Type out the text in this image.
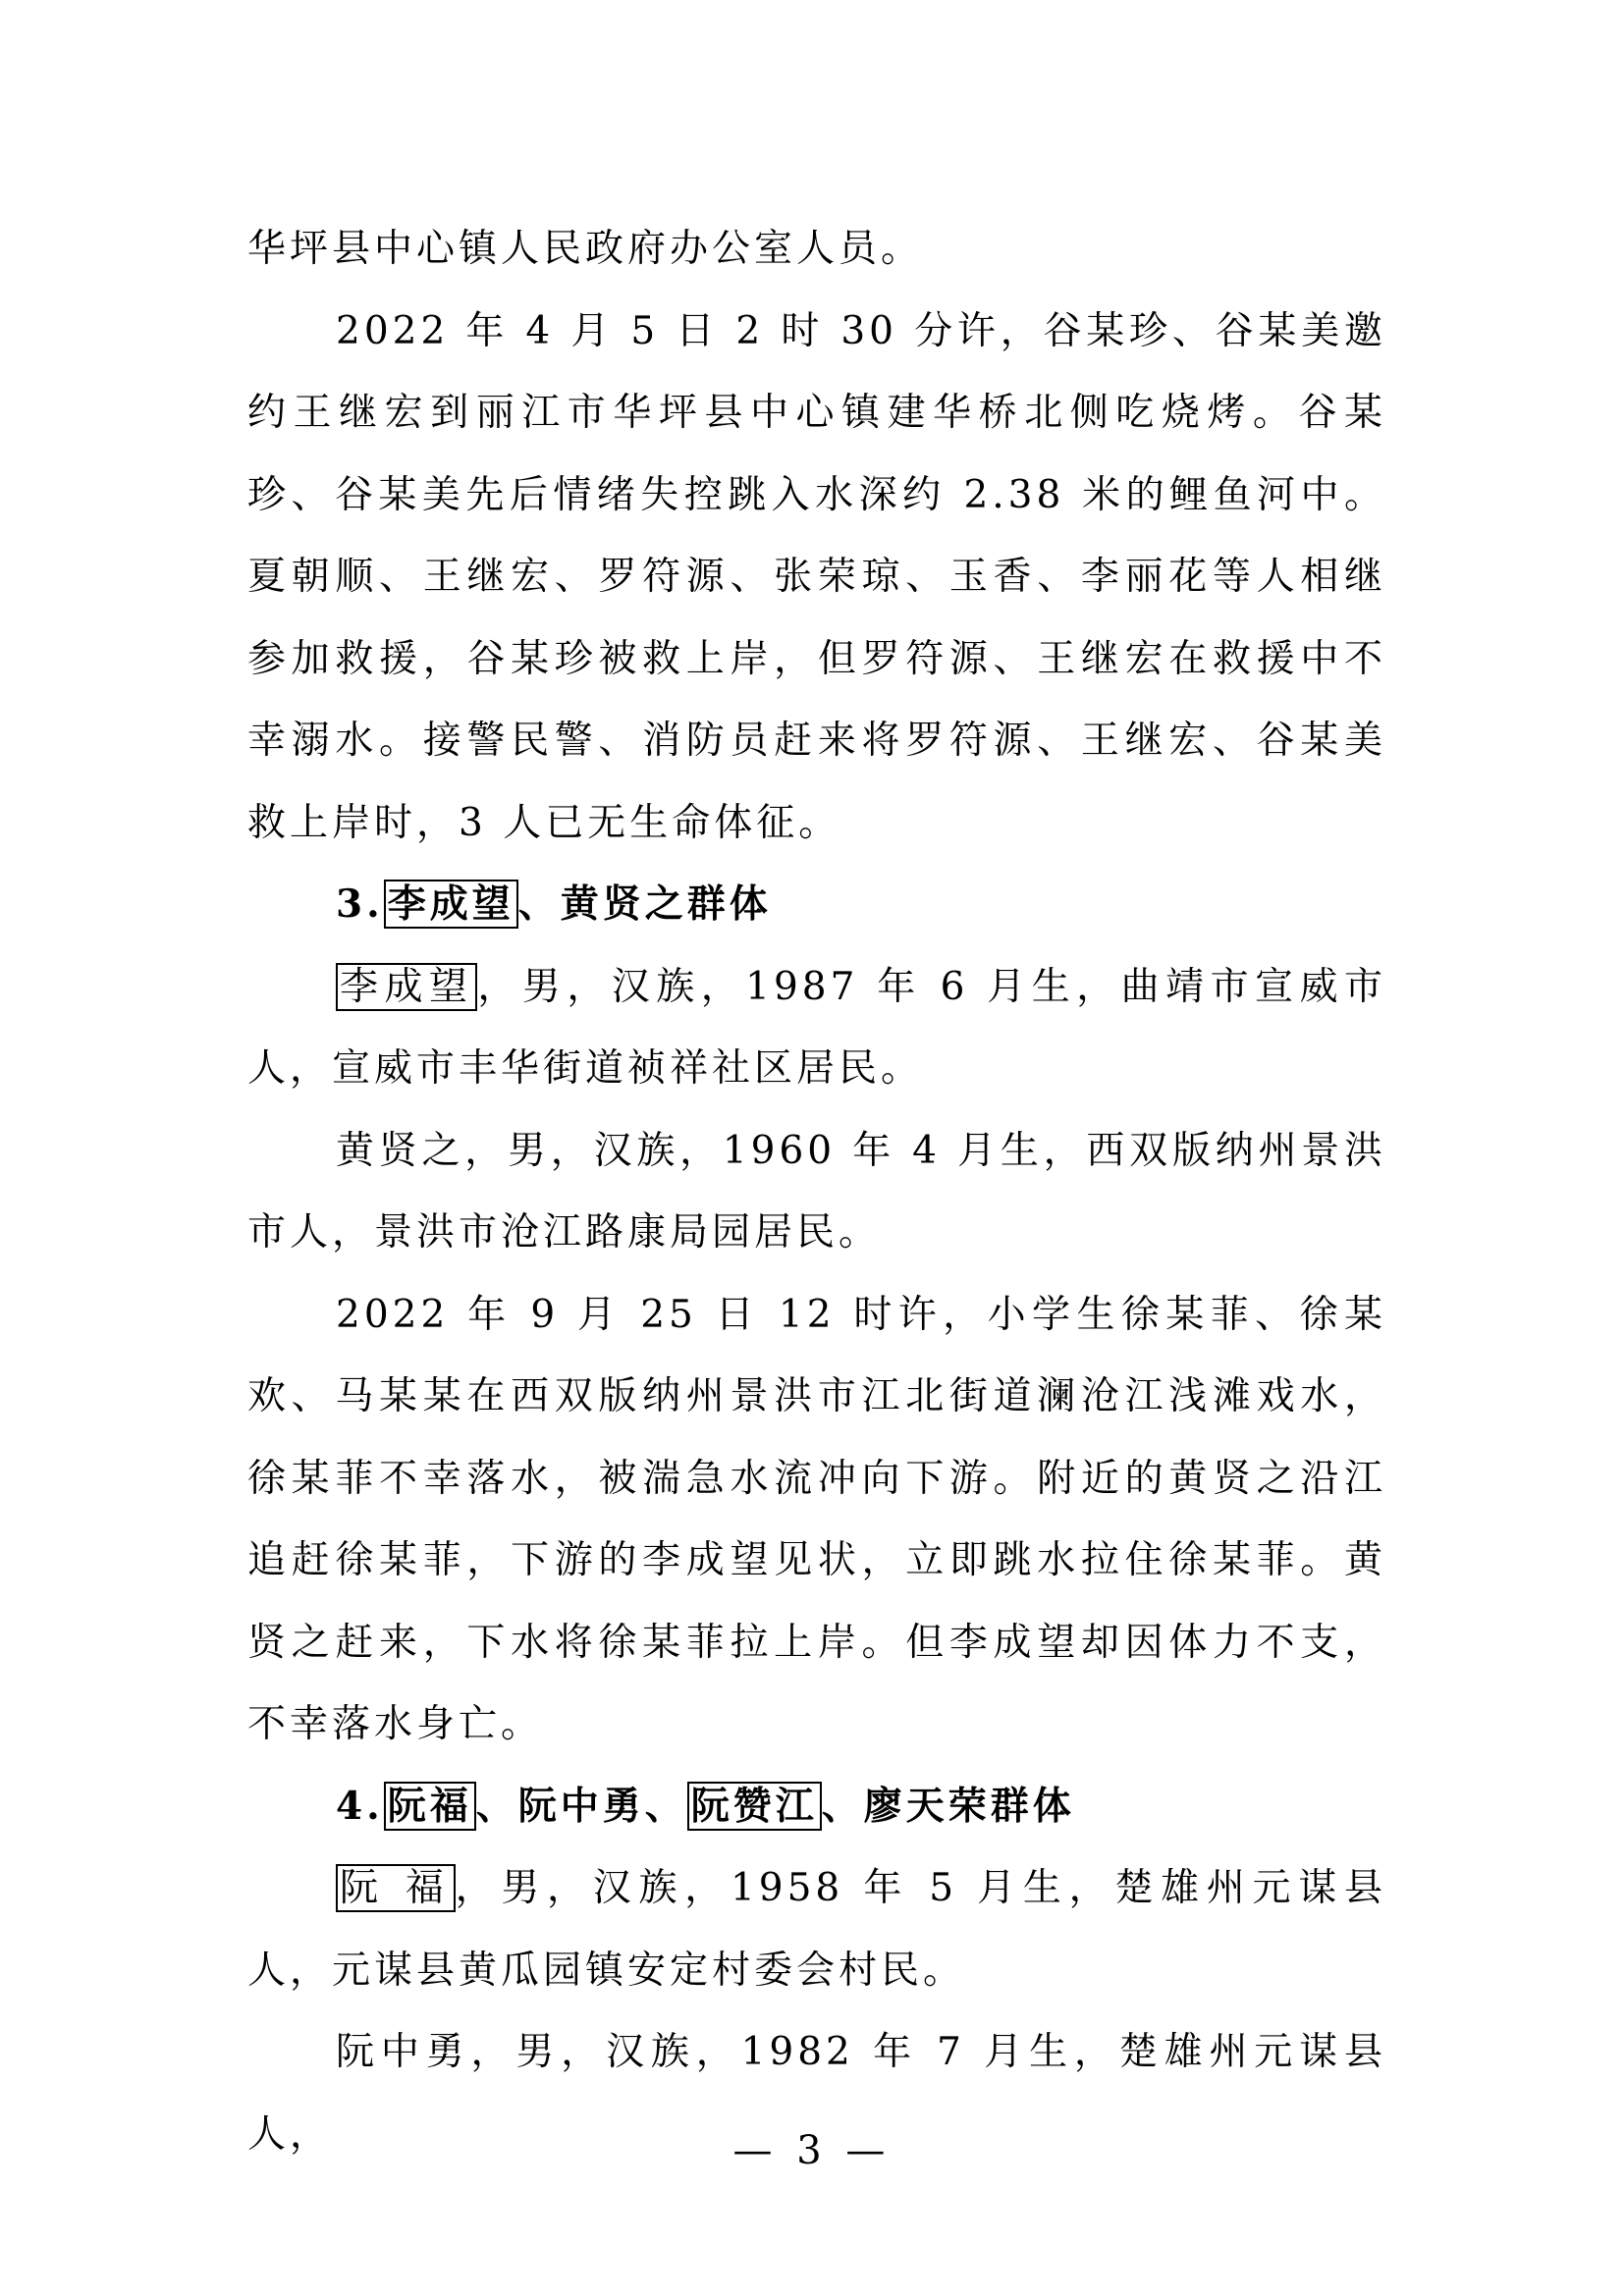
华坪县中心镇人民政府办公室人员。

2022 年 4 月 5 日 2 时 30 分许，谷某珍、谷某美邀约王继宏到丽江市华坪县中心镇建华桥北侧吃烧烤。谷某珍、谷某美先后情绪失控跳入水深约 2.38 米的鲤鱼河中。夏朝顺、王继宏、罗符源、张荣琼、玉香、李丽花等人相继参加救援，谷某珍被救上岸，但罗符源、王继宏在救援中不幸溺水。接警民警、消防员赶来将罗符源、王继宏、谷某美救上岸时，3 人已无生命体征。

3. 李成望 、黄贤之群体

李成望 ，男，汉族，1987 年 6 月生，曲靖市宣威市人，宣威市丰华街道祯祥社区居民。

黄贤之，男，汉族，1960 年 4 月生，西双版纳州景洪市人，景洪市沧江路康局园居民。

2022 年 9 月 25 日 12 时许，小学生徐某菲、徐某欢、马某某在西双版纳州景洪市江北街道澜沧江浅滩戏水，徐某菲不幸落水，被湍急水流冲向下游。附近的黄贤之沿江追赶徐某菲，下游的李成望见状，立即跳水拉住徐某菲。黄贤之赶来，下水将徐某菲拉上岸。但李成望却因体力不支，不幸落水身亡。

4. 阮福 、阮中勇、 阮赞江 、廖天荣群体

阮 福 ，男，汉族，1958 年 5 月生，楚雄州元谋县人，元谋县黄瓜园镇安定村委会村民。

阮中勇，男，汉族，1982 年 7 月生，楚雄州元谋县人，	— 3 —
